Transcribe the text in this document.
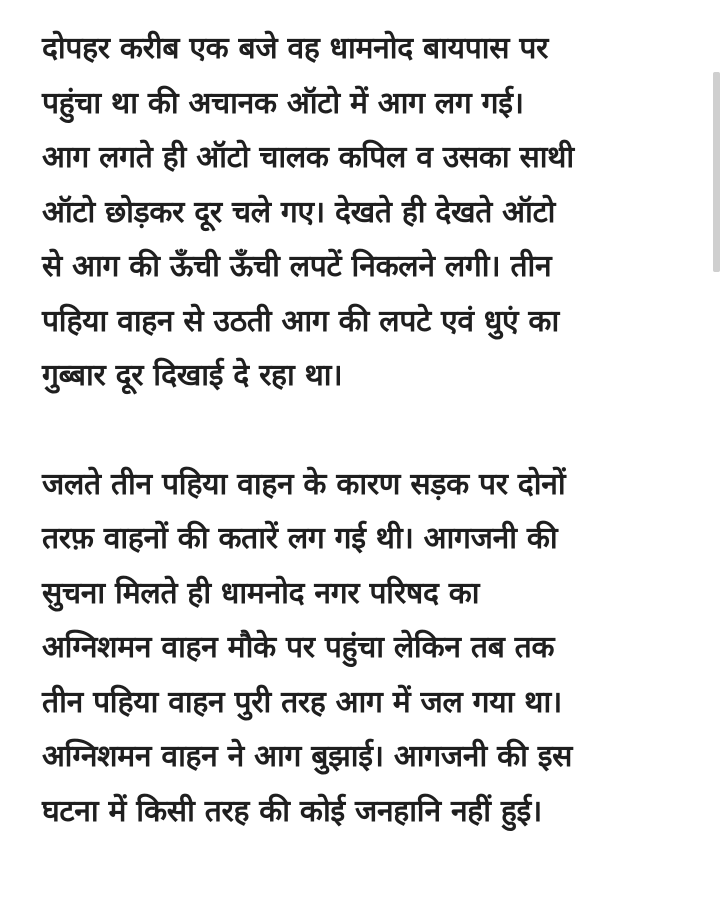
दोपहर करीब एक बजे वह धामनोद बायपास पर
पहुंचा था की अचानक ऑटो में आग लग गई।
आग लगते ही ऑटो चालक कपिल व उसका साथी
ऑटो छोड़कर दूर चले गए। देखते ही देखते ऑटो
से आग की ऊँची ऊँची लपटें निकलने लगी। तीन
पहिया वाहन से उठती आग की लपटे एवं धुएं का
गुब्बार दूर दिखाई दे रहा था।
जलते तीन पहिया वाहन के कारण सड़क पर दोनों
तरफ़ वाहनों की कतारें लग गई थी। आगजनी की
सुचना मिलते ही धामनोद नगर परिषद का
अग्निशमन वाहन मौके पर पहुंचा लेकिन तब तक
तीन पहिया वाहन पुरी तरह आग में जल गया था।
अग्निशमन वाहन ने आग बुझाई। आगजनी की इस
घटना में किसी तरह की कोई जनहानि नहीं हुई।
